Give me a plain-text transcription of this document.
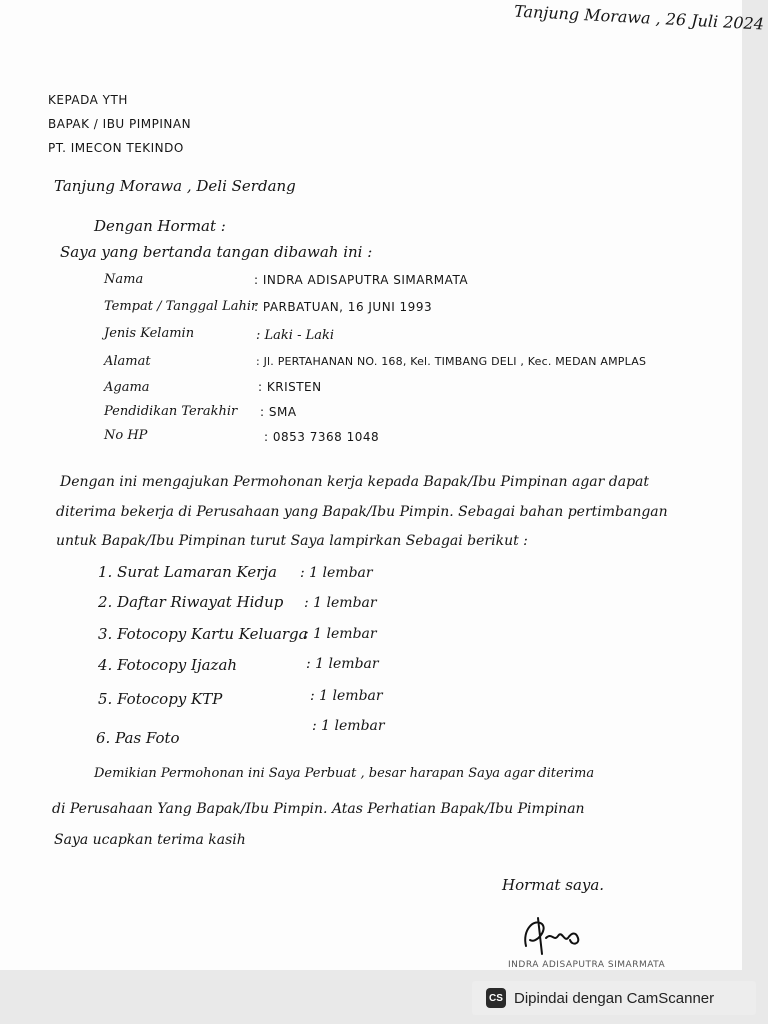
Tanjung Morawa , 26 Juli 2024
KEPADA YTH
BAPAK / IBU PIMPINAN
PT. IMECON TEKINDO
Tanjung Morawa , Deli Serdang
Dengan Hormat :
Saya yang bertanda tangan dibawah ini :
Nama	: INDRA ADISAPUTRA SIMARMATA
Tempat / Tanggal Lahir
: PARBATUAN, 16 JUNI 1993
Jenis Kelamin	: Laki - Laki
Alamat	: Jl. PERTAHANAN NO. 168, Kel. TIMBANG DELI , Kec. MEDAN AMPLAS
Agama	: KRISTEN
Pendidikan Terakhir : SMA
No HP	: 0853 7368 1048
Dengan ini mengajukan Permohonan kerja kepada Bapak/Ibu Pimpinan agar dapat
diterima bekerja di Perusahaan yang Bapak/Ibu Pimpin. Sebagai bahan pertimbangan
untuk Bapak/Ibu Pimpinan turut Saya lampirkan Sebagai berikut :
1. Surat Lamaran Kerja : 1 lembar
2. Daftar Riwayat Hidup : 1 lembar
3. Fotocopy Kartu Keluarga
: 1 lembar
4. Fotocopy Ijazah	: 1 lembar
5. Fotocopy KTP	: 1 lembar
6. Pas Foto
: 1 lembar
Demikian Permohonan ini Saya Perbuat , besar harapan Saya agar diterima
di Perusahaan Yang Bapak/Ibu Pimpin. Atas Perhatian Bapak/Ibu Pimpinan
Saya ucapkan terima kasih
Hormat saya.
INDRA ADISAPUTRA SIMARMATA
CS Dipindai dengan CamScanner
